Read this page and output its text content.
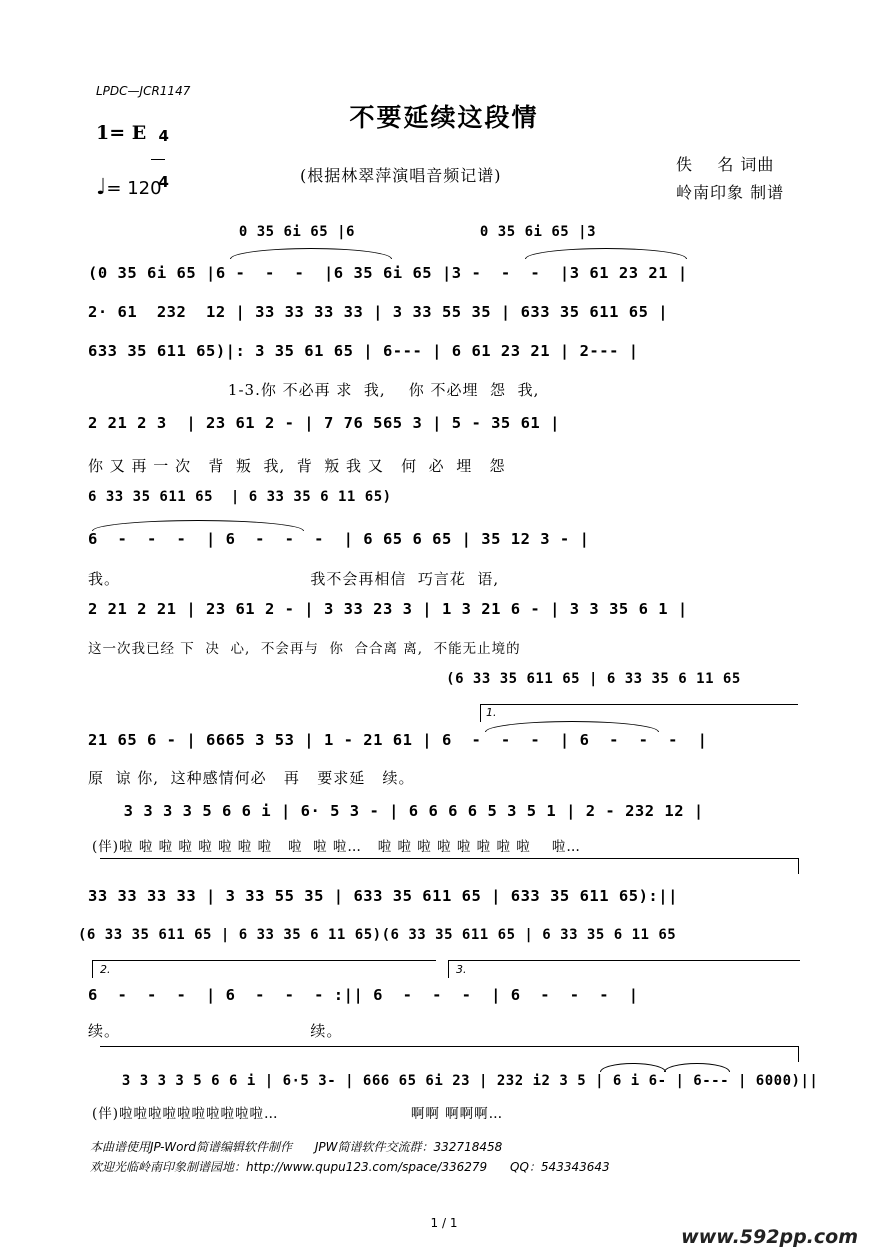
LPDC—JCR1147
不要延续这段情
1= E 4

4

♩= 120
(根据林翠萍演唱音频记谱)
佚    名 词曲
岭南印象 制谱
0 35 6i 65 |6              0 35 6i 65 |3
(0 35 6i 65 |6 -  -  -  |6 35 6i 65 |3 -  -  -  |3 61 23 21 |
2· 61  232  12 | 33 33 33 33 | 3 33 55 35 | 633 35 611 65 |
633 35 611 65)|: 3 35 61 65 | 6--- | 6 61 23 21 | 2--- |
1-3.你 不必再 求  我,    你 不必埋  怨  我,
2 21 2 3  | 23 61 2 - | 7 76 565 3 | 5 - 35 61 |
你 又 再 一 次   背  叛  我,  背  叛 我 又   何  必  埋   怨
6 33 35 611 65  | 6 33 35 6 11 65)
6  -  -  -  | 6  -  -  -  | 6 65 6 65 | 35 12 3 - |
我。                                 我不会再相信  巧言花  语,
2 21 2 21 | 23 61 2 - | 3 33 23 3 | 1 3 21 6 - | 3 3 35 6 1 |
这一次我已经 下  决  心,  不会再与  你  合合离 离,  不能无止境的
(6 33 35 611 65 | 6 33 35 6 11 65
21 65 6 - | 6665 3 53 | 1 - 21 61 | 6  -  -  -  | 6  -  -  -  |
原  谅 你,  这种感情何必   再   要求延   续。
3 3 3 3 5 6 6 i | 6· 5 3 - | 6 6 6 6 5 3 5 1 | 2 - 232 12 |
(伴)啦 啦 啦 啦 啦 啦 啦 啦   啦  啦 啦…   啦 啦 啦 啦 啦 啦 啦 啦    啦…
33 33 33 33 | 3 33 55 35 | 633 35 611 65 | 633 35 611 65):||
(6 33 35 611 65 | 6 33 35 6 11 65)(6 33 35 611 65 | 6 33 35 6 11 65
6  -  -  -  | 6  -  -  - :|| 6  -  -  -  | 6  -  -  -  |
续。                                 续。
3 3 3 3 5 6 6 i | 6·5 3- | 666 65 6i 23 | 232 i2 3 5 | 6 i 6- | 6--- | 6000)||
(伴)啦啦啦啦啦啦啦啦啦啦…                         啊啊 啊啊啊…
1.
2.	3.
本曲谱使用JP-Word简谱编辑软件制作      JPW简谱软件交流群：332718458
欢迎光临岭南印象制谱园地：http://www.qupu123.com/space/336279      QQ：543343643
1 / 1
www.592pp.com
